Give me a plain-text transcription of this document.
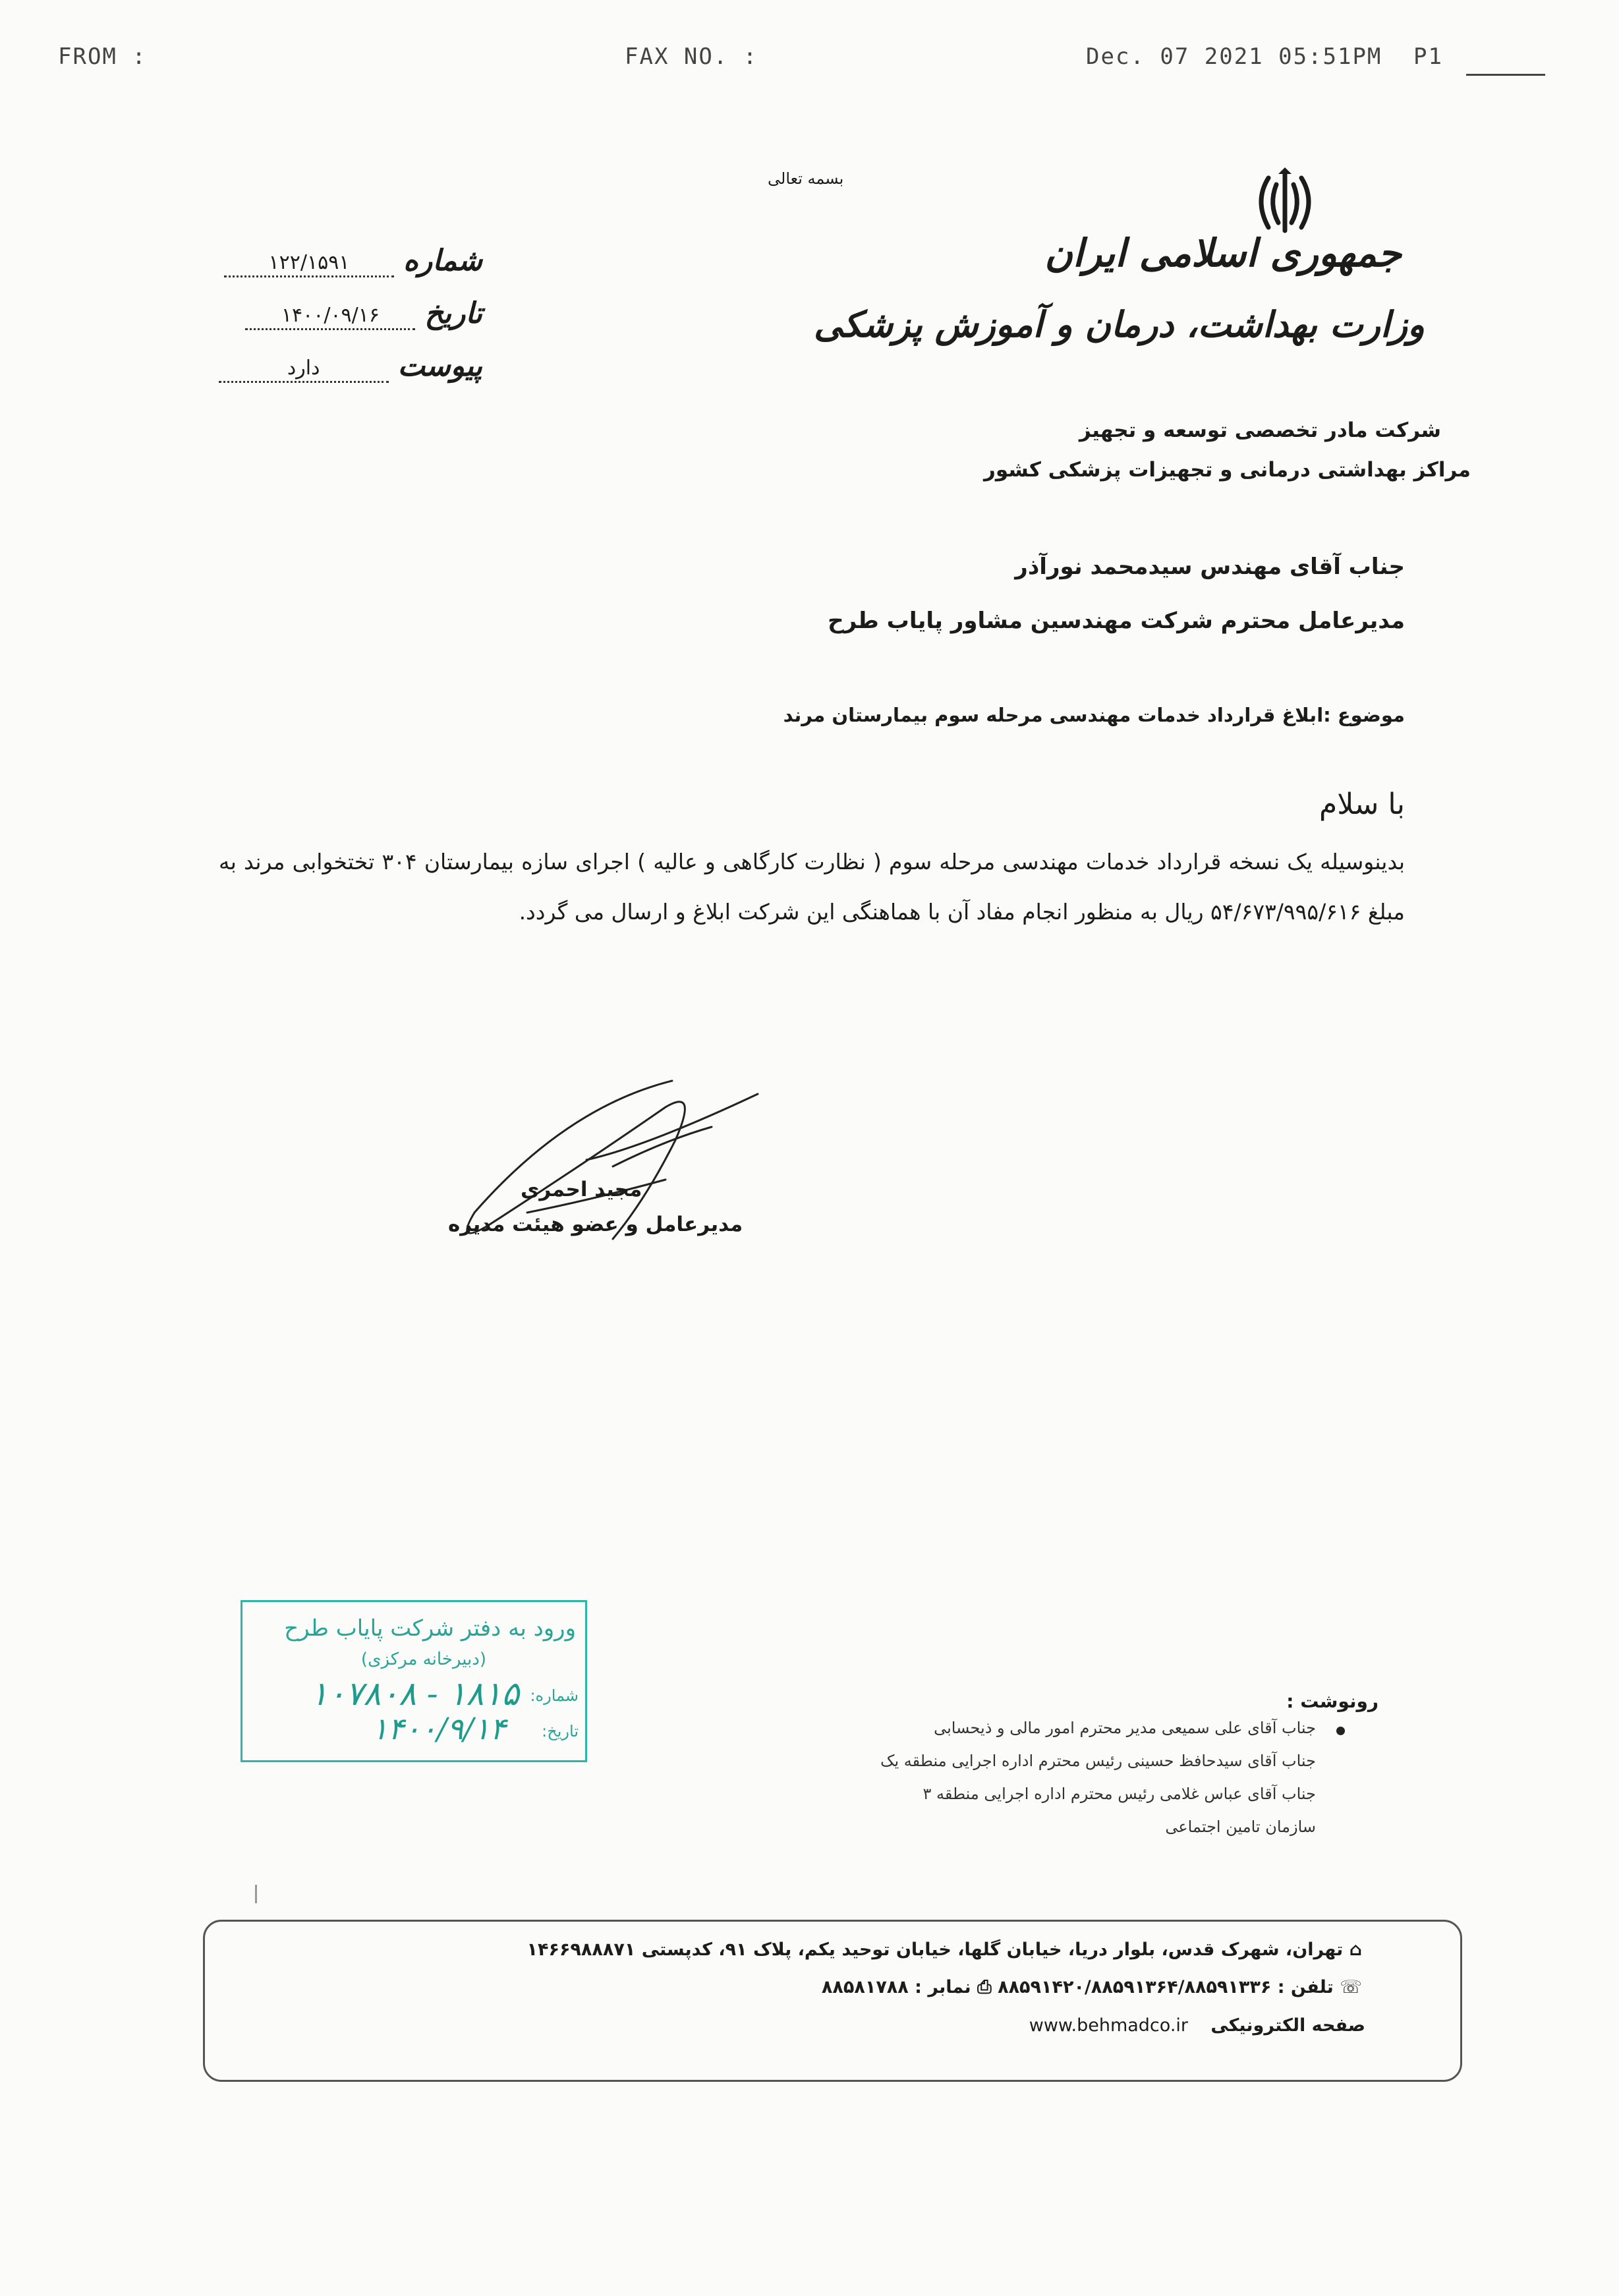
FROM :	FAX NO. :	Dec. 07 2021 05:51PM P1
بسمه تعالی
جمهوری اسلامی ایران
وزارت بهداشت، درمان و آموزش پزشکی
شرکت مادر تخصصی توسعه و تجهیز
مراکز بهداشتی درمانی و تجهیزات پزشکی کشور
شماره
۱۲۲/۱۵۹۱
تاریخ
۱۴۰۰/۰۹/۱۶
پیوست
دارد
جناب آقای مهندس سیدمحمد نورآذر
مدیرعامل محترم شرکت مهندسین مشاور پایاب طرح
موضوع :ابلاغ قرارداد خدمات مهندسی مرحله سوم بیمارستان مرند
با سلام
بدینوسیله یک نسخه قرارداد خدمات مهندسی مرحله سوم ( نظارت کارگاهی و عالیه ) اجرای سازه بیمارستان ۳۰۴ تختخوابی مرند به مبلغ ۵۴/۶۷۳/۹۹۵/۶۱۶ ریال به منظور انجام مفاد آن با هماهنگی این شرکت ابلاغ و ارسال می گردد.
مجید احمری
مدیرعامل و عضو هیئت مدیره
ورود به دفتر شرکت پایاب طرح
(دبیرخانه مرکزی)
شماره:
۱۸۱۵ - ۱۰۷۸۰۸
تاریخ:
۱۴۰۰/۹/۱۴
رونوشت :
جناب آقای علی سمیعی مدیر محترم امور مالی و ذیحسابی
جناب آقای سیدحافظ حسینی رئیس محترم اداره اجرایی منطقه یک
جناب آقای عباس غلامی رئیس محترم اداره اجرایی منطقه ۳
سازمان تامین اجتماعی
⌂ تهران، شهرک قدس، بلوار دریا، خیابان گلها، خیابان توحید یکم، پلاک ۹۱، کدپستی ۱۴۶۶۹۸۸۸۷۱
☏ تلفن : ۸۸۵۹۱۴۲۰/۸۸۵۹۱۳۶۴/۸۸۵۹۱۳۳۶ ⎙ نمابر : ۸۸۵۸۱۷۸۸
صفحه الکترونیکی    www.behmadco.ir
